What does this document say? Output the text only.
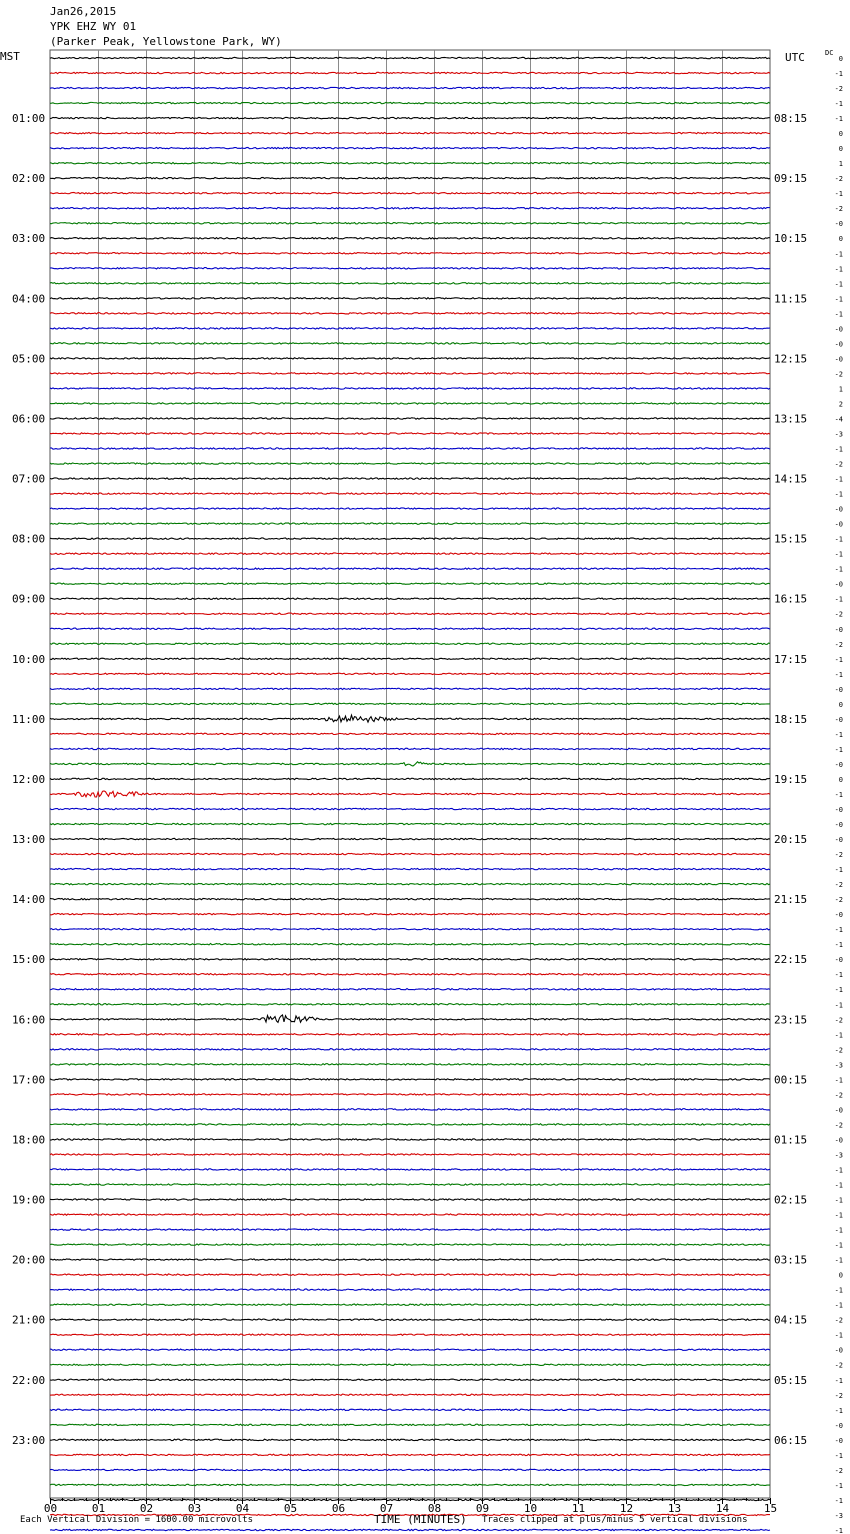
Jan26,2015
YPK EHZ WY 01
(Parker Peak, Yellowstone Park, WY)
MST	UTC	DC
01:00	08:15
02:00	09:15
03:00	10:15
04:00	11:15
05:00	12:15
06:00	13:15
07:00	14:15
08:00	15:15
09:00	16:15
10:00	17:15
11:00	18:15
12:00	19:15
13:00	20:15
14:00	21:15
15:00	22:15
16:00	23:15
17:00	00:15
18:00	01:15
19:00	02:15
20:00	03:15
21:00	04:15
22:00	05:15
23:00	06:15
0
-1
-2
-1
-1
0
0
1
-2
-1
-2
-0
0
-1
-1
-1
-1
-1
-0
-0
-0
-2
1
2
-4
-3
-1
-2
-1
-1
-0
-0
-1
-1
-1
-0
-1
-2
-0
-2
-1
-1
-0
0
-0
-1
-1
-0
0
-1
-0
-0
-0
-2
-1
-2
-2
-0
-1
-1
-0
-1
-1
-1
-2
-1
-2
-3
-1
-2
-0
-2
-0
-3
-1
-1
-1
-1
-1
-1
-1
0
-1
-1
-2
-1
-0
-2
-1
-2
-1
-0
-0
-1
-2
-1
-1
-3
-1
00	01	02	03	04	05	06	07	08	09	10	11	12	13	14	15
Each Vertical Division = 1600.00 microvolts	TIME (MINUTES) Traces clipped at plus/minus 5 vertical divisions
